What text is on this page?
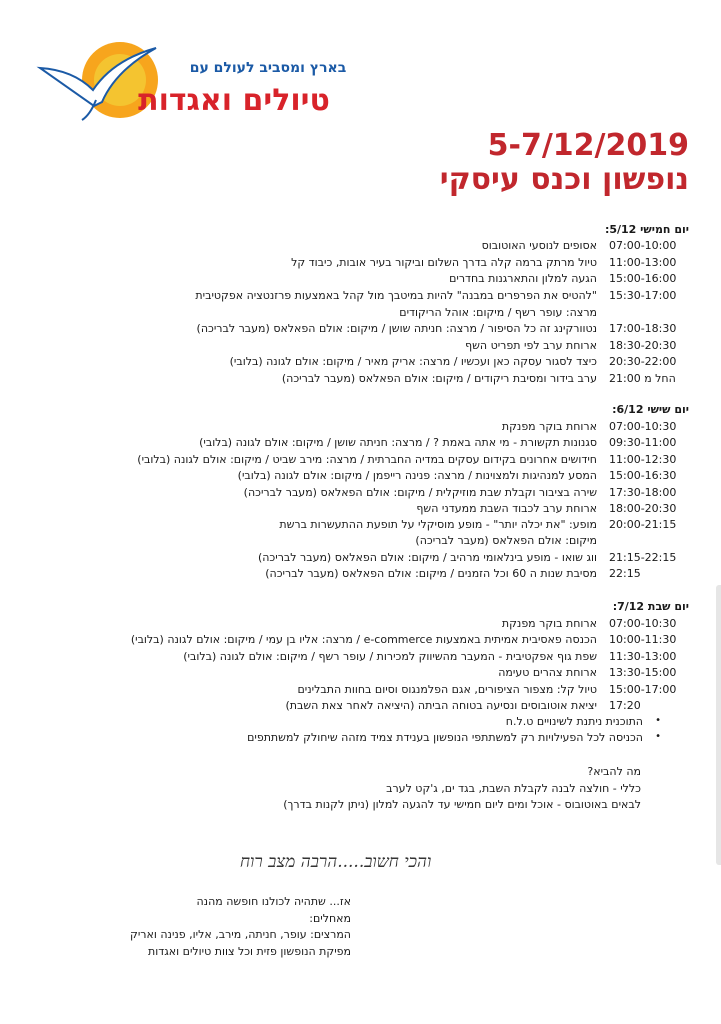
בארץ ומסביב לעולם עם
טיולים ואגדות
5-7/12/2019
נופשון וכנס עיסקי
יום חמישי 5/12:
07:00-10:00
אסופים לנוסעי האוטובוס
11:00-13:00
טיול מרתק ברמה קלה בדרך השלום וביקור בעיר אובות, כיבוד קל
15:00-16:00
הגעה למלון והתארגנות בחדרים
15:30-17:00
"להטיס את הפרפרים במבנה" להיות במיטבך מול קהל באמצעות פרזנטציה אפקטיבית
מרצה: עופר רשף / מיקום: אוהל הריקודים
17:00-18:30
נטוורקינג זה כל הסיפור / מרצה: חניתה שושן / מיקום: אולם הפאלאס (מעבר לבריכה)
18:30-20:30
ארוחת ערב לפי תפריט השף
20:30-22:00
כיצד לסגור עסקה כאן ועכשיו / מרצה: אריק מאיר / מיקום: אולם לגונה (בלובי)
החל מ 21:00
ערב בידור ומסיבת ריקודים / מיקום: אולם הפאלאס (מעבר לבריכה)
יום שישי 6/12:
07:00-10:30
ארוחת בוקר מפנקת
09:30-11:00
סגנונות תקשורת - מי אתה באמת ? / מרצה: חניתה שושן / מיקום: אולם לגונה (בלובי)
11:00-12:30
חידושים אחרונים בקידום עסקים במדיה החברתית / מרצה: מירב שביט / מיקום: אולם לגונה (בלובי)
15:00-16:30
המסע למנהיגות ולמצוינות / מרצה: פנינה רייפמן / מיקום: אולם לגונה (בלובי)
17:30-18:00
שירה בציבור וקבלת שבת מוזיקלית / מיקום: אולם הפאלאס (מעבר לבריכה)
18:00-20:30
ארוחת ערב לכבוד השבת ממעדני השף
20:00-21:15
מופע: "את יכלה יותר" - מופע מוסיקלי על תופעת ההתעשרות ברשת
מיקום: אולם הפאלאס (מעבר לבריכה)
21:15-22:15
ווג שואו - מופע בינלאומי מרהיב / מיקום: אולם הפאלאס (מעבר לבריכה)
22:15
מסיבת שנות ה 60 וכל הזמנים / מיקום: אולם הפאלאס (מעבר לבריכה)
יום שבת 7/12:
07:00-10:30
ארוחת בוקר מפנקת
10:00-11:30
הכנסה פאסיבית אמיתית באמצעות e-commerce / מרצה: אליו בן עמי / מיקום: אולם לגונה (בלובי)
11:30-13:00
שפת גוף אפקטיבית - המעבר מהשיווק למכירות / עופר רשף / מיקום: אולם לגונה (בלובי)
13:30-15:00
ארוחת צהרים טעימה
15:00-17:00
טיול קל: מצפור הציפורים, אגם הפלמנגוס וסיום בחוות התבלינים
17:20
יציאת אוטובוסים ונסיעה בטוחה הביתה (היציאה לאחר צאת השבת)
התוכנית ניתנת לשינויים ט.ל.ח •
הכניסה לכל הפעילויות רק למשתתפי הנופשון בענידת צמיד מזהה שיחולק למשתתפים •
מה להביא?
כללי - חולצה לבנה לקבלת השבת, בגד ים, ג'קט לערב
לבאים באוטובוס - אוכל ומים ליום חמישי עד להגעה למלון (ניתן לקנות בדרך)
והכי חשוב.....הרבה מצב רוח
אז... שתהיה לכולנו חופשה מהנה
מאחלים:
המרצים: עופר, חניתה, מירב, אליו, פנינה ואריק
מפיקת הנופשון פזית וכל צוות טיולים ואגדות
